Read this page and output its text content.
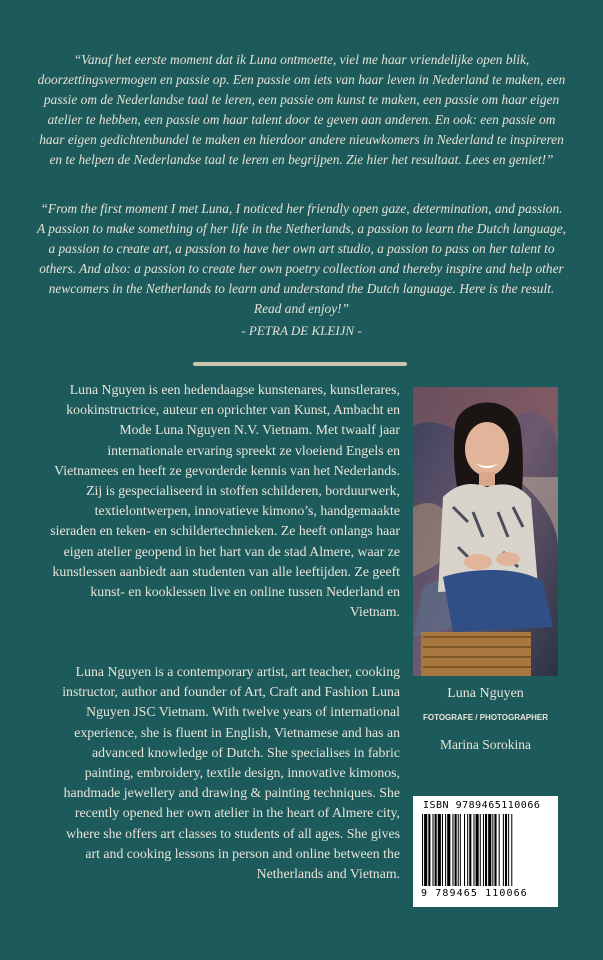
“Vanaf het eerste moment dat ik Luna ontmoette, viel me haar vriendelijke open blik, doorzettingsvermogen en passie op. Een passie om iets van haar leven in Nederland te maken, een passie om de Nederlandse taal te leren, een passie om kunst te maken, een passie om haar eigen atelier te hebben, een passie om haar talent door te geven aan anderen. En ook: een passie om haar eigen gedichtenbundel te maken en hierdoor andere nieuwkomers in Nederland te inspireren en te helpen de Nederlandse taal te leren en begrijpen. Zie hier het resultaat. Lees en geniet!”
“From the first moment I met Luna, I noticed her friendly open gaze, determination, and passion. A passion to make something of her life in the Netherlands, a passion to learn the Dutch language, a passion to create art, a passion to have her own art studio, a passion to pass on her talent to others. And also: a passion to create her own poetry collection and thereby inspire and help other newcomers in the Netherlands to learn and understand the Dutch language. Here is the result. Read and enjoy!”
- PETRA DE KLEIJN -
Luna Nguyen is een hedendaagse kunstenares, kunstlerares, kookinstructrice, auteur en oprichter van Kunst, Ambacht en Mode Luna Nguyen N.V. Vietnam. Met twaalf jaar internationale ervaring spreekt ze vloeiend Engels en Vietnamees en heeft ze gevorderde kennis van het Nederlands. Zij is gespecialiseerd in stoffen schilderen, borduurwerk, textielontwerpen, innovatieve kimono’s, handgemaakte sieraden en teken- en schildertechnieken. Ze heeft onlangs haar eigen atelier geopend in het hart van de stad Almere, waar ze kunstlessen aanbiedt aan studenten van alle leeftijden. Ze geeft kunst- en kooklessen live en online tussen Nederland en Vietnam.
Luna Nguyen is a contemporary artist, art teacher, cooking instructor, author and founder of Art, Craft and Fashion Luna Nguyen JSC Vietnam. With twelve years of international experience, she is fluent in English, Vietnamese and has an advanced knowledge of Dutch. She specialises in fabric painting, embroidery, textile design, innovative kimonos, handmade jewellery and drawing & painting techniques. She recently opened her own atelier in the heart of Almere city, where she offers art classes to students of all ages. She gives art and cooking lessons in person and online between the Netherlands and Vietnam.
Luna Nguyen
FOTOGRAFE / PHOTOGRAPHER
Marina Sorokina
ISBN 9789465110066
9 789465 110066
